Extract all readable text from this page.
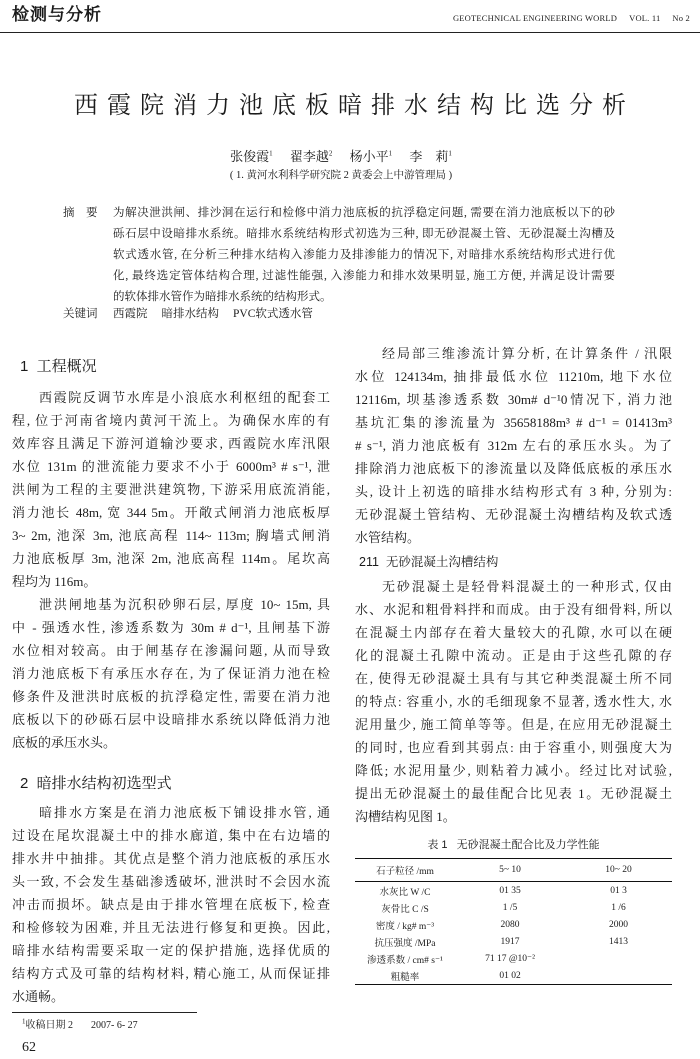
检测与分析	GEOTECHNICAL ENGINEERING WORLD VOL. 11 No 2
西霞院消力池底板暗排水结构比选分析
张俊霞$^1$ 翟李越$^2$ 杨小平$^1$ 李　莉$^1$
( 1. 黄河水利科学研究院 2 黄委会上中游管理局 )
摘　要 为解决泄洪闸、排沙洞在运行和检修中消力池底板的抗浮稳定问题, 需要在消力池底板以下的砂
砾石层中设暗排水系统。暗排水系统结构形式初选为三种, 即无砂混凝土管、无砂混凝土沟槽及
软式透水管, 在分析三种排水结构入渗能力及排渗能力的情况下, 对暗排水系统结构形式进行优
化, 最终选定管体结构合理, 过滤性能强, 入渗能力和排水效果明显, 施工方便, 并满足设计需要
的软体排水管作为暗排水系统的结构形式。
关键词 西霞院 暗排水结构 PVC软式透水管
1  工程概况
西霞院反调节水库是小浪底水利枢纽的配套工
程, 位于河南省境内黄河干流上。为确保水库的有
效库容且满足下游河道输沙要求, 西霞院水库汛限
水位 131m 的泄流能力要求不小于 6000m³ # s⁻¹, 泄
洪闸为工程的主要泄洪建筑物, 下游采用底流消能,
消力池长 48m, 宽 344 5m。开敞式闸消力池底板厚
3~ 2m, 池深 3m, 池底高程 114~ 113m; 胸墙式闸消
力池底板厚 3m, 池深 2m, 池底高程 114m。尾坎高
程均为 116m。
泄洪闸地基为沉积砂卵石层, 厚度 10~ 15m, 具
中 - 强透水性, 渗透系数为 30m # d⁻¹, 且闸基下游
水位相对较高。由于闸基存在渗漏问题, 从而导致
消力池底板下有承压水存在, 为了保证消力池在检
修条件及泄洪时底板的抗浮稳定性, 需要在消力池
底板以下的砂砾石层中设暗排水系统以降低消力池
底板的承压水头。
2  暗排水结构初选型式
暗排水方案是在消力池底板下铺设排水管, 通
过设在尾坎混凝土中的排水廊道, 集中在右边墙的
排水井中抽排。其优点是整个消力池底板的承压水
头一致, 不会发生基础渗透破坏, 泄洪时不会因水流
冲击而损坏。缺点是由于排水管埋在底板下, 检查
和检修较为困难, 并且无法进行修复和更换。因此,
暗排水结构需要采取一定的保护措施, 选择优质的
结构方式及可靠的结构材料, 精心施工, 从而保证排
水通畅。
经局部三维渗流计算分析, 在计算条件 / 汛限
水位 124134m, 抽排最低水位 11210m, 地下水位
12116m, 坝基渗透系数 30m# d⁻¹0情况下, 消力池
基坑汇集的渗流量为 35658188m³ # d⁻¹ = 01413m³
# s⁻¹, 消力池底板有 312m 左右的承压水头。为了
排除消力池底板下的渗流量以及降低底板的承压水
头, 设计上初选的暗排水结构形式有 3 种, 分别为:
无砂混凝土管结构、无砂混凝土沟槽结构及软式透
水管结构。
211  无砂混凝土沟槽结构
无砂混凝土是轻骨料混凝土的一种形式, 仅由
水、水泥和粗骨料拌和而成。由于没有细骨料, 所以
在混凝土内部存在着大量较大的孔隙, 水可以在硬
化的混凝土孔隙中流动。正是由于这些孔隙的存
在, 使得无砂混凝土具有与其它种类混凝土所不同
的特点: 容重小, 水的毛细现象不显著, 透水性大, 水
泥用量少, 施工简单等等。但是, 在应用无砂混凝土
的同时, 也应看到其弱点: 由于容重小, 则强度大为
降低; 水泥用量少, 则粘着力减小。经过比对试验,
提出无砂混凝土的最佳配合比见表 1。无砂混凝土
沟槽结构见图 1。
表 1   无砂混凝土配合比及力学性能
石子粒径 /mm	5~ 10	10~ 20
水灰比 W /C	01 35	01 3
灰骨比 C /S	1 /5	1 /6
密度 / kg# m⁻³	2080	2000
抗压强度 /MPa	1917	1413
渗透系数 / cm# s⁻¹	71 17 @10⁻²	
粗糙率	01 02	
$^1$收稿日期 2 2007- 6- 27
62
